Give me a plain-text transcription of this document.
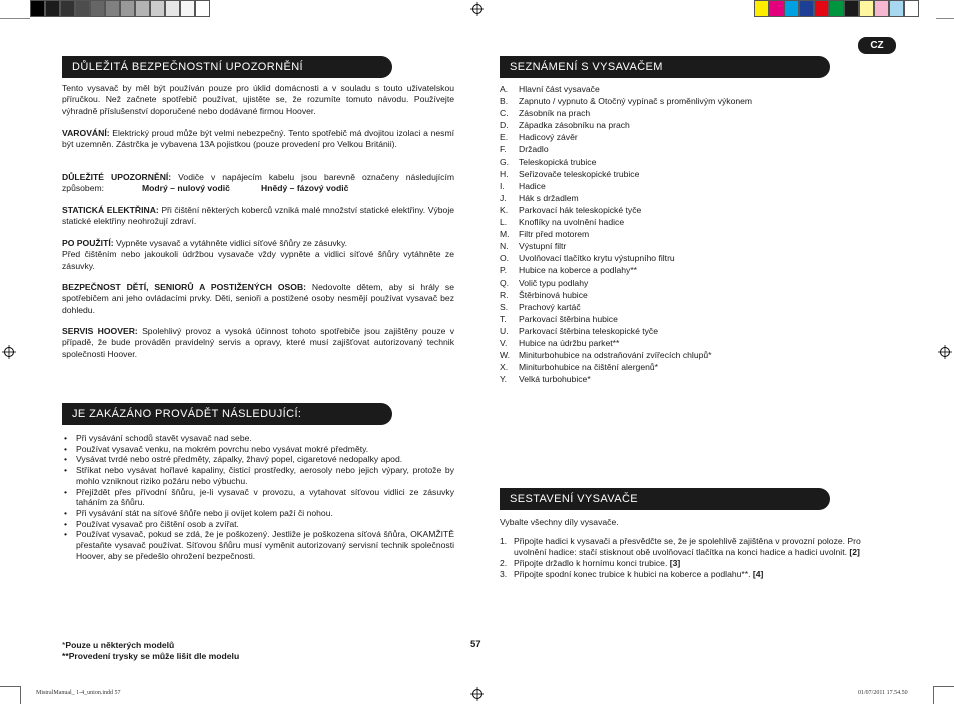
CZ
DŮLEŽITÁ BEZPEČNOSTNÍ UPOZORNĚNÍ
Tento vysavač by měl být používán pouze pro úklid domácnosti a v souladu s touto uživatelskou příručkou. Než začnete spotřebič používat, ujistěte se, že rozumíte tomuto návodu. Používejte výhradně příslušenství doporučené nebo dodávané firmou Hoover.
VAROVÁNÍ: Elektrický proud může být velmi nebezpečný. Tento spotřebič má dvojitou izolaci a nesmí být uzemněn. Zástrčka je vybavena 13A pojistkou (pouze provedení pro Velkou Británii).
DŮLEŽITÉ UPOZORNĚNÍ: Vodiče v napájecím kabelu jsou barevně označeny následujícím způsobem:	Modrý – nulový vodič	Hnědý – fázový vodič
STATICKÁ ELEKTŘINA: Při čištění některých koberců vzniká malé množství statické elektřiny. Výboje statické elektřiny neohrožují zdraví.
PO POUŽITÍ: Vypněte vysavač a vytáhněte vidlici síťové šňůry ze zásuvky.
Před čištěním nebo jakoukoli údržbou vysavače vždy vypněte a vidlici síťové šňůry vytáhněte ze zásuvky.
BEZPEČNOST DĚTÍ, SENIORŮ A POSTIŽENÝCH OSOB: Nedovolte dětem, aby si hrály se spotřebičem ani jeho ovládacími prvky. Děti, senioři a postižené osoby nesmějí používat vysavač bez dohledu.
SERVIS HOOVER: Spolehlivý provoz a vysoká účinnost tohoto spotřebiče jsou zajištěny pouze v případě, že bude prováděn pravidelný servis a opravy, které musí zajišťovat autorizovaný technik společnosti Hoover.
JE ZAKÁZÁNO PROVÁDĚT NÁSLEDUJÍCÍ:
• Při vysávání schodů stavět vysavač nad sebe.
• Používat vysavač venku, na mokrém povrchu nebo vysávat mokré předměty.
• Vysávat tvrdé nebo ostré předměty, zápalky, žhavý popel, cigaretové nedopalky apod.
• Stříkat nebo vysávat hořlavé kapaliny, čisticí prostředky, aerosoly nebo jejich výpary, protože by mohlo vzniknout riziko požáru nebo výbuchu.
• Přejíždět přes přívodní šňůru, je-li vysavač v provozu, a vytahovat síťovou vidlici ze zásuvky taháním za šňůru.
• Při vysávání stát na síťové šňůře nebo ji ovíjet kolem paží či nohou.
• Používat vysavač pro čištění osob a zvířat.
• Používat vysavač, pokud se zdá, že je poškozený. Jestliže je poškozena síťová šňůra, OKAMŽITĚ přestaňte vysavač používat. Síťovou šňůru musí vyměnit autorizovaný servisní technik společnosti Hoover, aby se předešlo ohrožení bezpečnosti.
*Pouze u některých modelů
**Provedení trysky se může lišit dle modelu
57
SEZNÁMENÍ S VYSAVAČEM
A.	Hlavní část vysavače
B.	Zapnuto / vypnuto & Otočný vypínač s proměnlivým výkonem
C.	Zásobník na prach
D.	Západka zásobníku na prach
E.	Hadicový závěr
F.	Držadlo
G.	Teleskopická trubice
H.	Seřizovače teleskopické trubice
I.	Hadice
J.	Hák s držadlem
K.	Parkovací hák teleskopické tyče
L.	Knoflíky na uvolnění hadice
M.	Filtr před motorem
N.	Výstupní filtr
O.	Uvolňovací tlačítko krytu výstupního filtru
P.	Hubice na koberce a podlahy**
Q.	Volič typu podlahy
R.	Štěrbinová hubice
S.	Prachový kartáč
T.	Parkovací štěrbina hubice
U.	Parkovací štěrbina teleskopické tyče
V.	Hubice na údržbu parket**
W.	Miniturbohubice na odstraňování zvířecích chlupů*
X.	Miniturbohubice na čištění alergenů*
Y.	Velká turbohubice*
SESTAVENÍ VYSAVAČE
Vybalte všechny díly vysavače.
1. Připojte hadici k vysavači a přesvědčte se, že je spolehlivě zajištěna v provozní poloze. Pro uvolnění hadice: stačí stisknout obě uvolňovací tlačítka na konci hadice a hadici uvolnit. [2]
2. Připojte držadlo k hornímu konci trubice. [3]
3. Připojte spodní konec trubice k hubici na koberce a podlahu**. [4]
MistralManual_ 1-4_union.indd 57	01/07/2011 17.54.50
